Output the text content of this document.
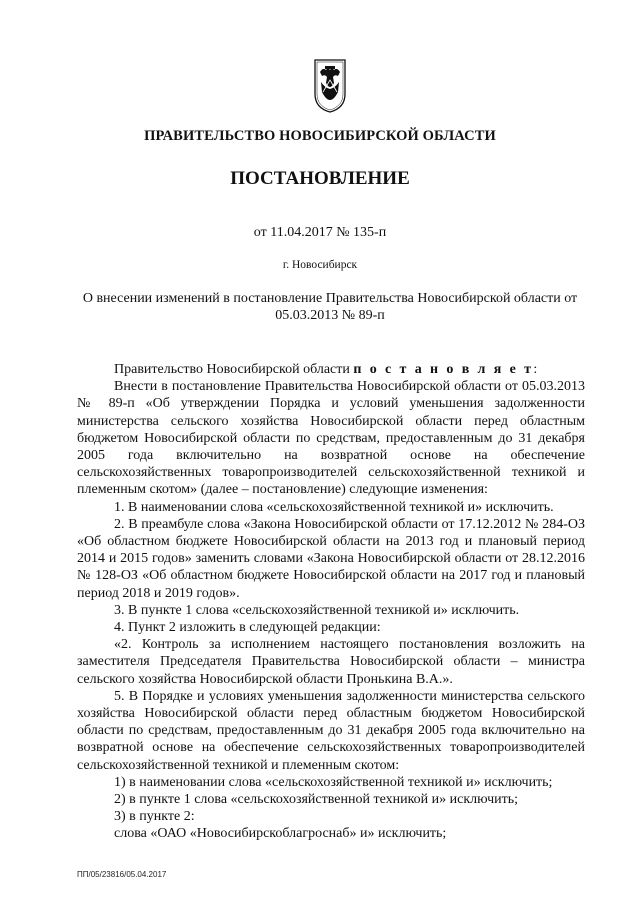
ПРАВИТЕЛЬСТВО НОВОСИБИРСКОЙ ОБЛАСТИ
ПОСТАНОВЛЕНИЕ
от 11.04.2017 № 135-п
г. Новосибирск
О внесении изменений в постановление Правительства Новосибирской области от 05.03.2013 № 89-п

Правительство Новосибирской области п о с т а н о в л я е т:

Внести в постановление Правительства Новосибирской области от 05.03.2013 № 89-п «Об утверждении Порядка и условий уменьшения задолженности министерства сельского хозяйства Новосибирской области перед областным бюджетом Новосибирской области по средствам, предоставленным до 31 декабря 2005 года включительно на возвратной основе на обеспечение сельскохозяйственных товаропроизводителей сельскохозяйственной техникой и племенным скотом» (далее – постановление) следующие изменения:

1. В наименовании слова «сельскохозяйственной техникой и» исключить.

2. В преамбуле слова «Закона Новосибирской области от 17.12.2012 № 284-ОЗ «Об областном бюджете Новосибирской области на 2013 год и плановый период 2014 и 2015 годов» заменить словами «Закона Новосибирской области от 28.12.2016 № 128-ОЗ «Об областном бюджете Новосибирской области на 2017 год и плановый период 2018 и 2019 годов».

3. В пункте 1 слова «сельскохозяйственной техникой и» исключить.

4. Пункт 2 изложить в следующей редакции:

«2. Контроль за исполнением настоящего постановления возложить на заместителя Председателя Правительства Новосибирской области – министра сельского хозяйства Новосибирской области Пронькина В.А.».

5. В Порядке и условиях уменьшения задолженности министерства сельского хозяйства Новосибирской области перед областным бюджетом Новосибирской области по средствам, предоставленным до 31 декабря 2005 года включительно на возвратной основе на обеспечение сельскохозяйственных товаропроизводителей сельскохозяйственной техникой и племенным скотом:

1) в наименовании слова «сельскохозяйственной техникой и» исключить;

2) в пункте 1 слова «сельскохозяйственной техникой и» исключить;

3) в пункте 2:

слова «ОАО «Новосибирскоблагроснаб» и» исключить;

ПП/05/23816/05.04.2017
